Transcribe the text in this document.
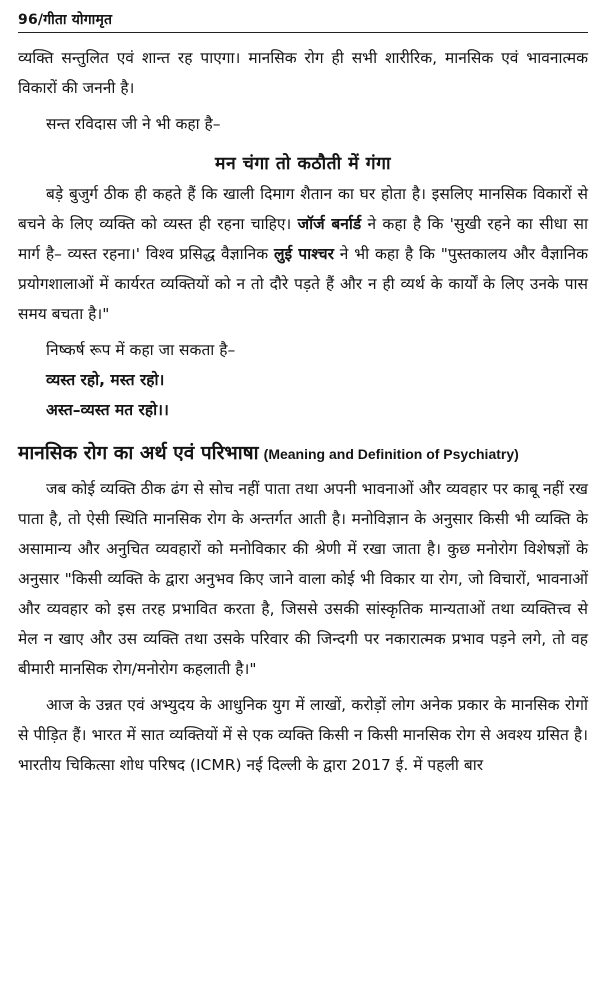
96/गीता योगामृत

व्यक्ति सन्तुलित एवं शान्त रह पाएगा। मानसिक रोग ही सभी शारीरिक, मानसिक एवं भावनात्मक विकारों की जननी है।

सन्त रविदास जी ने भी कहा है–

मन चंगा तो कठौती में गंगा

बड़े बुजुर्ग ठीक ही कहते हैं कि खाली दिमाग शैतान का घर होता है। इसलिए मानसिक विकारों से बचने के लिए व्यक्ति को व्यस्त ही रहना चाहिए। जॉर्ज बर्नार्ड ने कहा है कि 'सुखी रहने का सीधा सा मार्ग है– व्यस्त रहना।' विश्व प्रसिद्ध वैज्ञानिक लुई पाश्चर ने भी कहा है कि "पुस्तकालय और वैज्ञानिक प्रयोगशालाओं में कार्यरत व्यक्तियों को न तो दौरे पड़ते हैं और न ही व्यर्थ के कार्यों के लिए उनके पास समय बचता है।"

निष्कर्ष रूप में कहा जा सकता है–

व्यस्त रहो, मस्त रहो।

अस्त–व्यस्त मत रहो।।

मानसिक रोग का अर्थ एवं परिभाषा (Meaning and Definition of Psychiatry)

जब कोई व्यक्ति ठीक ढंग से सोच नहीं पाता तथा अपनी भावनाओं और व्यवहार पर काबू नहीं रख पाता है, तो ऐसी स्थिति मानसिक रोग के अन्तर्गत आती है। मनोविज्ञान के अनुसार किसी भी व्यक्ति के असामान्य और अनुचित व्यवहारों को मनोविकार की श्रेणी में रखा जाता है। कुछ मनोरोग विशेषज्ञों के अनुसार "किसी व्यक्ति के द्वारा अनुभव किए जाने वाला कोई भी विकार या रोग, जो विचारों, भावनाओं और व्यवहार को इस तरह प्रभावित करता है, जिससे उसकी सांस्कृतिक मान्यताओं तथा व्यक्तित्त्व से मेल न खाए और उस व्यक्ति तथा उसके परिवार की जिन्दगी पर नकारात्मक प्रभाव पड़ने लगे, तो वह बीमारी मानसिक रोग/मनोरोग कहलाती है।"

आज के उन्नत एवं अभ्युदय के आधुनिक युग में लाखों, करोड़ों लोग अनेक प्रकार के मानसिक रोगों से पीड़ित हैं। भारत में सात व्यक्तियों में से एक व्यक्ति किसी न किसी मानसिक रोग से अवश्य ग्रसित है। भारतीय चिकित्सा शोध परिषद (ICMR) नई दिल्ली के द्वारा 2017 ई. में पहली बार
